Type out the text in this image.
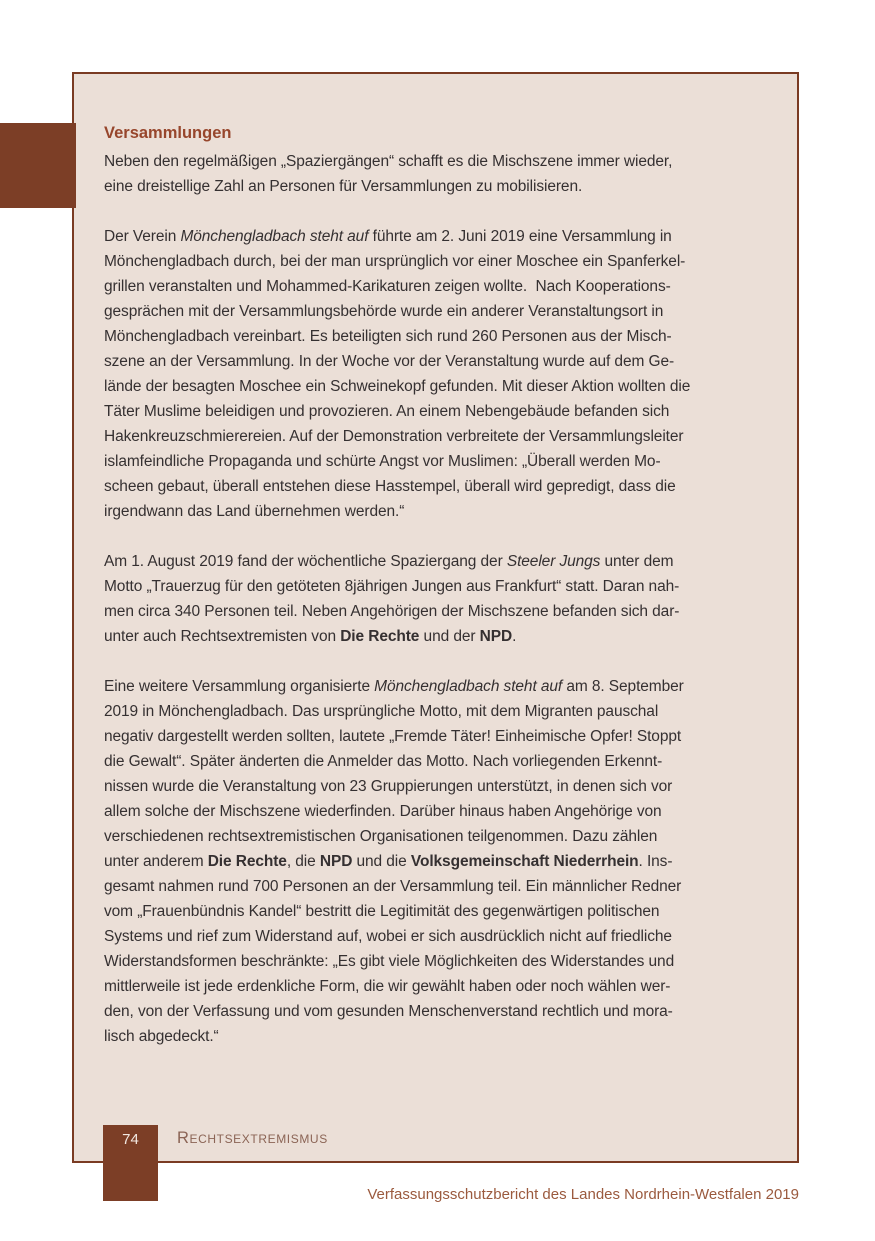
Versammlungen
Neben den regelmäßigen „Spaziergängen“ schafft es die Mischszene immer wieder,
eine dreistellige Zahl an Personen für Versammlungen zu mobilisieren.
Der Verein Mönchengladbach steht auf führte am 2. Juni 2019 eine Versammlung in
Mönchengladbach durch, bei der man ursprünglich vor einer Moschee ein Spanferkel-
grillen veranstalten und Mohammed-Karikaturen zeigen wollte.  Nach Kooperations-
gesprächen mit der Versammlungsbehörde wurde ein anderer Veranstaltungsort in
Mönchengladbach vereinbart. Es beteiligten sich rund 260 Personen aus der Misch-
szene an der Versammlung. In der Woche vor der Veranstaltung wurde auf dem Ge-
lände der besagten Moschee ein Schweinekopf gefunden. Mit dieser Aktion wollten die
Täter Muslime beleidigen und provozieren. An einem Nebengebäude befanden sich
Hakenkreuzschmierereien. Auf der Demonstration verbreitete der Versammlungsleiter
islamfeindliche Propaganda und schürte Angst vor Muslimen: „Überall werden Mo-
scheen gebaut, überall entstehen diese Hasstempel, überall wird gepredigt, dass die
irgendwann das Land übernehmen werden.“
Am 1. August 2019 fand der wöchentliche Spaziergang der Steeler Jungs unter dem
Motto „Trauerzug für den getöteten 8jährigen Jungen aus Frankfurt“ statt. Daran nah-
men circa 340 Personen teil. Neben Angehörigen der Mischszene befanden sich dar-
unter auch Rechtsextremisten von Die Rechte und der NPD.
Eine weitere Versammlung organisierte Mönchengladbach steht auf am 8. September
2019 in Mönchengladbach. Das ursprüngliche Motto, mit dem Migranten pauschal
negativ dargestellt werden sollten, lautete „Fremde Täter! Einheimische Opfer! Stoppt
die Gewalt“. Später änderten die Anmelder das Motto. Nach vorliegenden Erkennt-
nissen wurde die Veranstaltung von 23 Gruppierungen unterstützt, in denen sich vor
allem solche der Mischszene wiederfinden. Darüber hinaus haben Angehörige von
verschiedenen rechtsextremistischen Organisationen teilgenommen. Dazu zählen
unter anderem Die Rechte, die NPD und die Volksgemeinschaft Niederrhein. Ins-
gesamt nahmen rund 700 Personen an der Versammlung teil. Ein männlicher Redner
vom „Frauenbündnis Kandel“ bestritt die Legitimität des gegenwärtigen politischen
Systems und rief zum Widerstand auf, wobei er sich ausdrücklich nicht auf friedliche
Widerstandsformen beschränkte: „Es gibt viele Möglichkeiten des Widerstandes und
mittlerweile ist jede erdenkliche Form, die wir gewählt haben oder noch wählen wer-
den, von der Verfassung und vom gesunden Menschenverstand rechtlich und mora-
lisch abgedeckt.“
74	Rechtsextremismus
Verfassungsschutzbericht des Landes Nordrhein-Westfalen 2019
